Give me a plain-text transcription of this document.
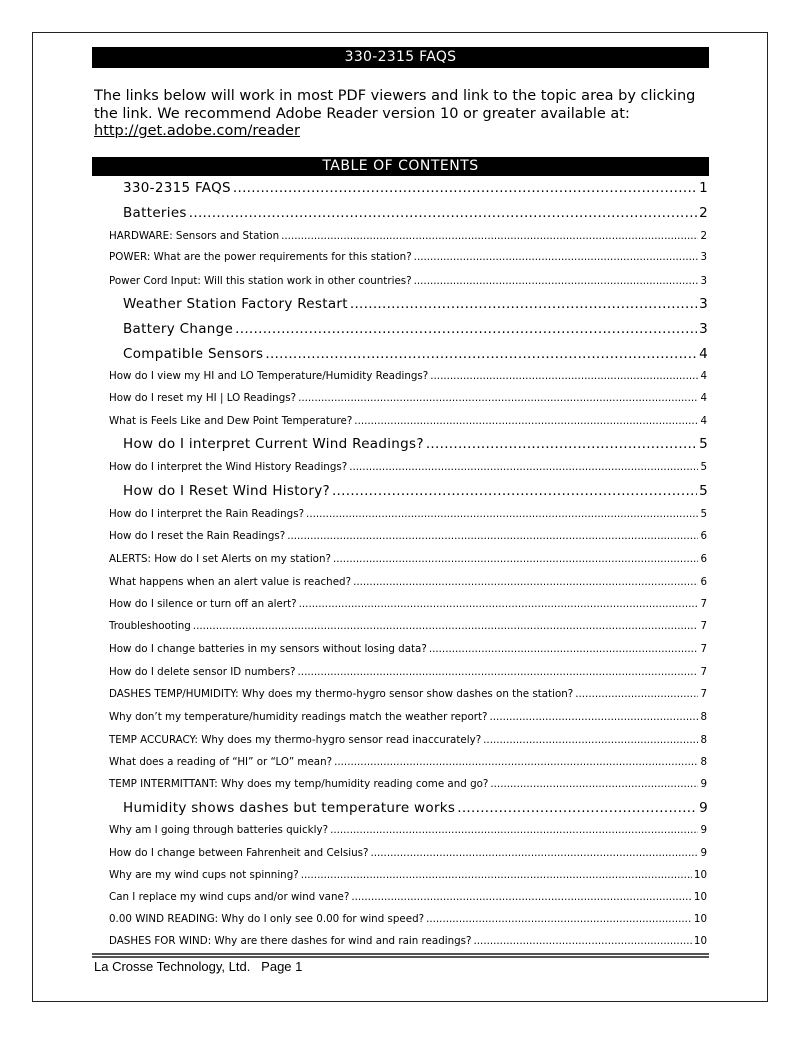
330-2315 FAQS

The links below will work in most PDF viewers and link to the topic area by clicking the link. We recommend Adobe Reader version 10 or greater available at:
http://get.adobe.com/reader

TABLE OF CONTENTS
330-2315 FAQS .....	1
Batteries .....	2
HARDWARE: Sensors and Station .....	2
POWER: What are the power requirements for this station? .....	3
Power Cord Input: Will this station work in other countries? .....	3
Weather Station Factory Restart .....	3
Battery Change .....	3
Compatible Sensors .....	4
How do I view my HI and LO Temperature/Humidity Readings? .....	4
How do I reset my HI | LO Readings? .....	4
What is Feels Like and Dew Point Temperature? .....	4
How do I interpret Current Wind Readings? .....	5
How do I interpret the Wind History Readings? .....	5
How do I Reset Wind History? .....	5
How do I interpret the Rain Readings? .....	5
How do I reset the Rain Readings? .....	6
ALERTS: How do I set Alerts on my station? .....	6
What happens when an alert value is reached? .....	6
How do I silence or turn off an alert? .....	7
Troubleshooting .....	7
How do I change batteries in my sensors without losing data? .....	7
How do I delete sensor ID numbers? .....	7
DASHES TEMP/HUMIDITY: Why does my thermo-hygro sensor show dashes on the station? .....	7
Why don’t my temperature/humidity readings match the weather report? .....	8
TEMP ACCURACY: Why does my thermo-hygro sensor read inaccurately? .....	8
What does a reading of “HI” or “LO” mean? .....	8
TEMP INTERMITTANT: Why does my temp/humidity reading come and go? .....	9
Humidity shows dashes but temperature works .....	9
Why am I going through batteries quickly? .....	9
How do I change between Fahrenheit and Celsius? .....	9
Why are my wind cups not spinning? .....	10
Can I replace my wind cups and/or wind vane? .....	10
0.00 WIND READING: Why do I only see 0.00 for wind speed? .....	10
DASHES FOR WIND: Why are there dashes for wind and rain readings? .....	10
La Crosse Technology, Ltd.   Page 1
